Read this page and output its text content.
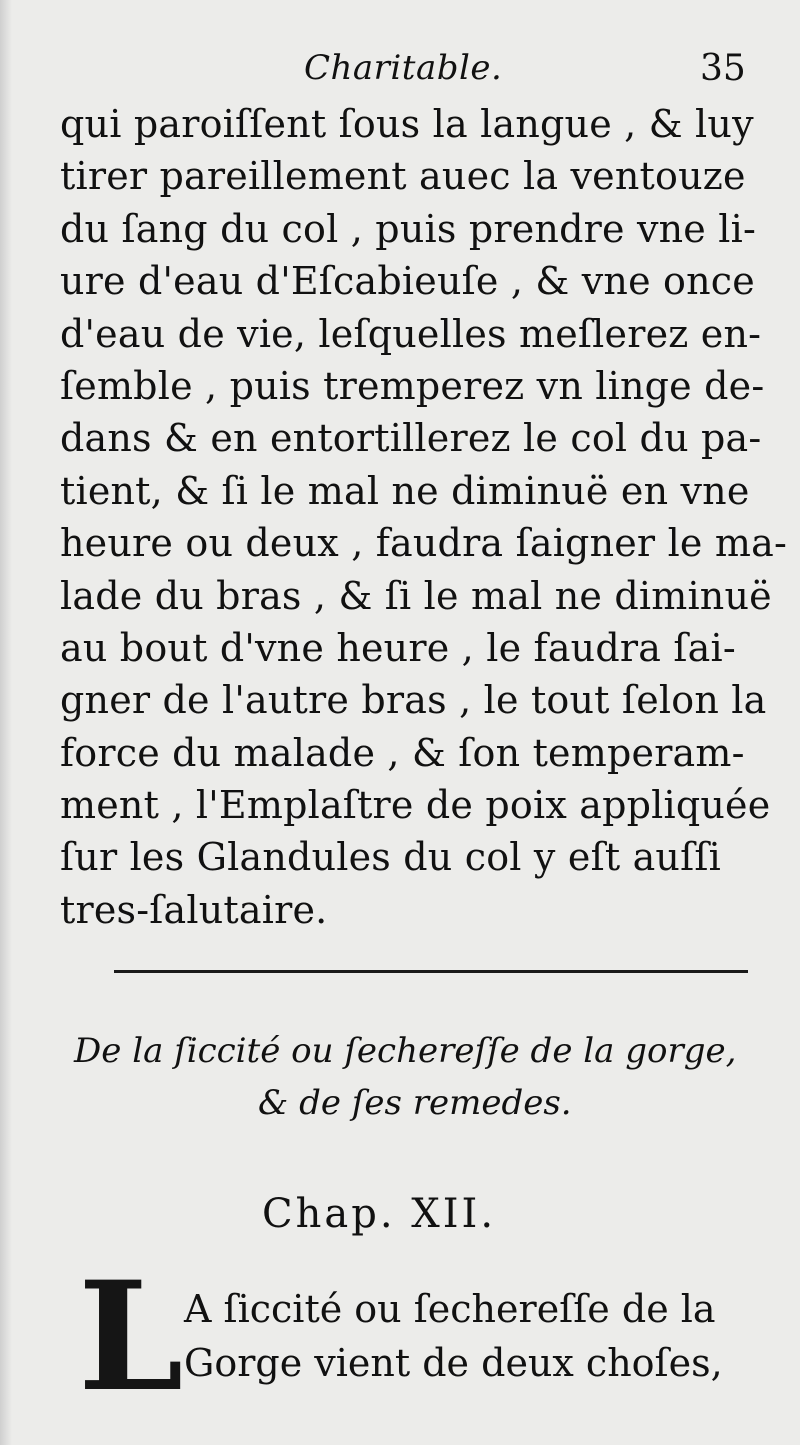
Charitable.	35
qui paroiſſent ſous la langue , & luy
tirer pareillement auec la ventouze
du ſang du col , puis prendre vne li-
ure d'eau d'Eſcabieuſe , & vne once
d'eau de vie, leſquelles meſlerez en-
ſemble , puis tremperez vn linge de-
dans & en entortillerez le col du pa-
tient, & ſi le mal ne diminuë en vne
heure ou deux , faudra ſaigner le ma-
lade du bras , & ſi le mal ne diminuë
au bout d'vne heure , le faudra ſai-
gner de l'autre bras , le tout ſelon la
force du malade , & ſon temperam-
ment , l'Emplaſtre de poix appliquée
ſur les Glandules du col y eſt auſſi
tres-ſalutaire.
De la ſiccité ou ſechereſſe de la gorge,
& de ſes remedes.
Chap. XII.
L A ſiccité ou ſechereſſe de la
Gorge vient de deux choſes,
